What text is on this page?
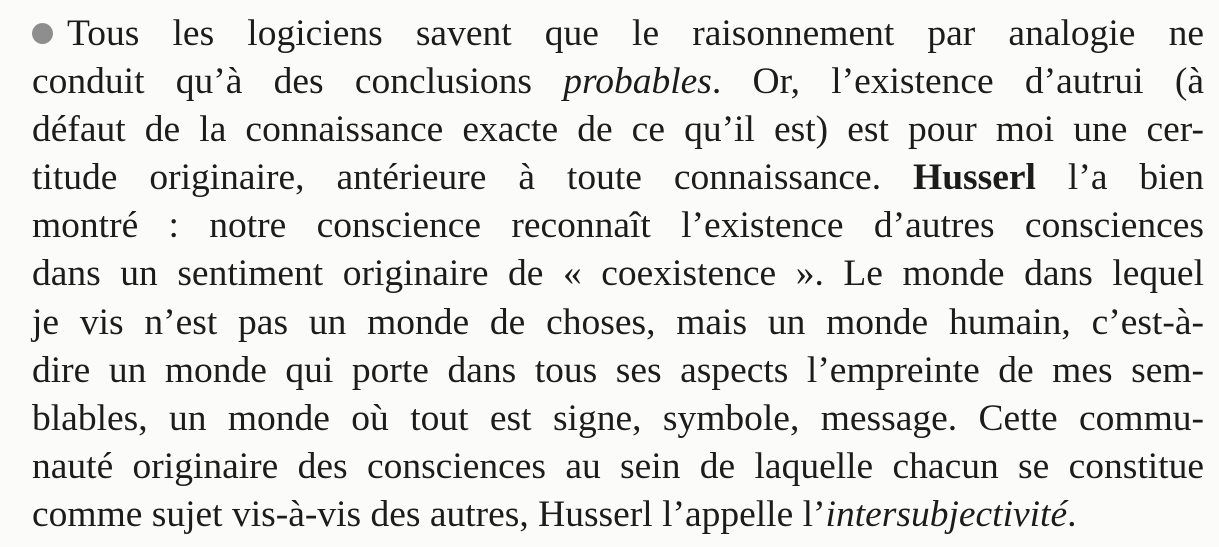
Tous les logiciens savent que le raisonnement par analogie ne
conduit qu’à des conclusions probables. Or, l’existence d’autrui (à
défaut de la connaissance exacte de ce qu’il est) est pour moi une cer-
titude originaire, antérieure à toute connaissance. Husserl l’a bien
montré : notre conscience reconnaît l’existence d’autres consciences
dans un sentiment originaire de « coexistence ». Le monde dans lequel
je vis n’est pas un monde de choses, mais un monde humain, c’est-à-
dire un monde qui porte dans tous ses aspects l’empreinte de mes sem-
blables, un monde où tout est signe, symbole, message. Cette commu-
nauté originaire des consciences au sein de laquelle chacun se constitue
comme sujet vis-à-vis des autres, Husserl l’appelle l’intersubjectivité.
